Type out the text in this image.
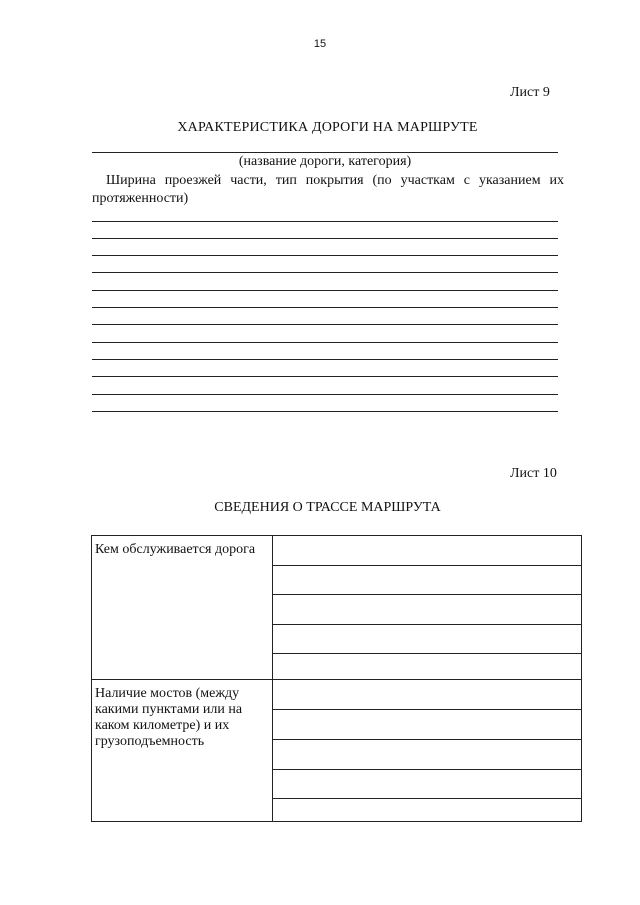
15
Лист 9
ХАРАКТЕРИСТИКА ДОРОГИ НА МАРШРУТЕ
(название дороги, категория)
Ширина проезжей части, тип покрытия (по участкам с указанием их протяженности)
Лист 10
СВЕДЕНИЯ О ТРАССЕ МАРШРУТА
Кем обслуживается дорога
Наличие мостов (между какими пунктами или на каком километре) и их грузоподъемность
